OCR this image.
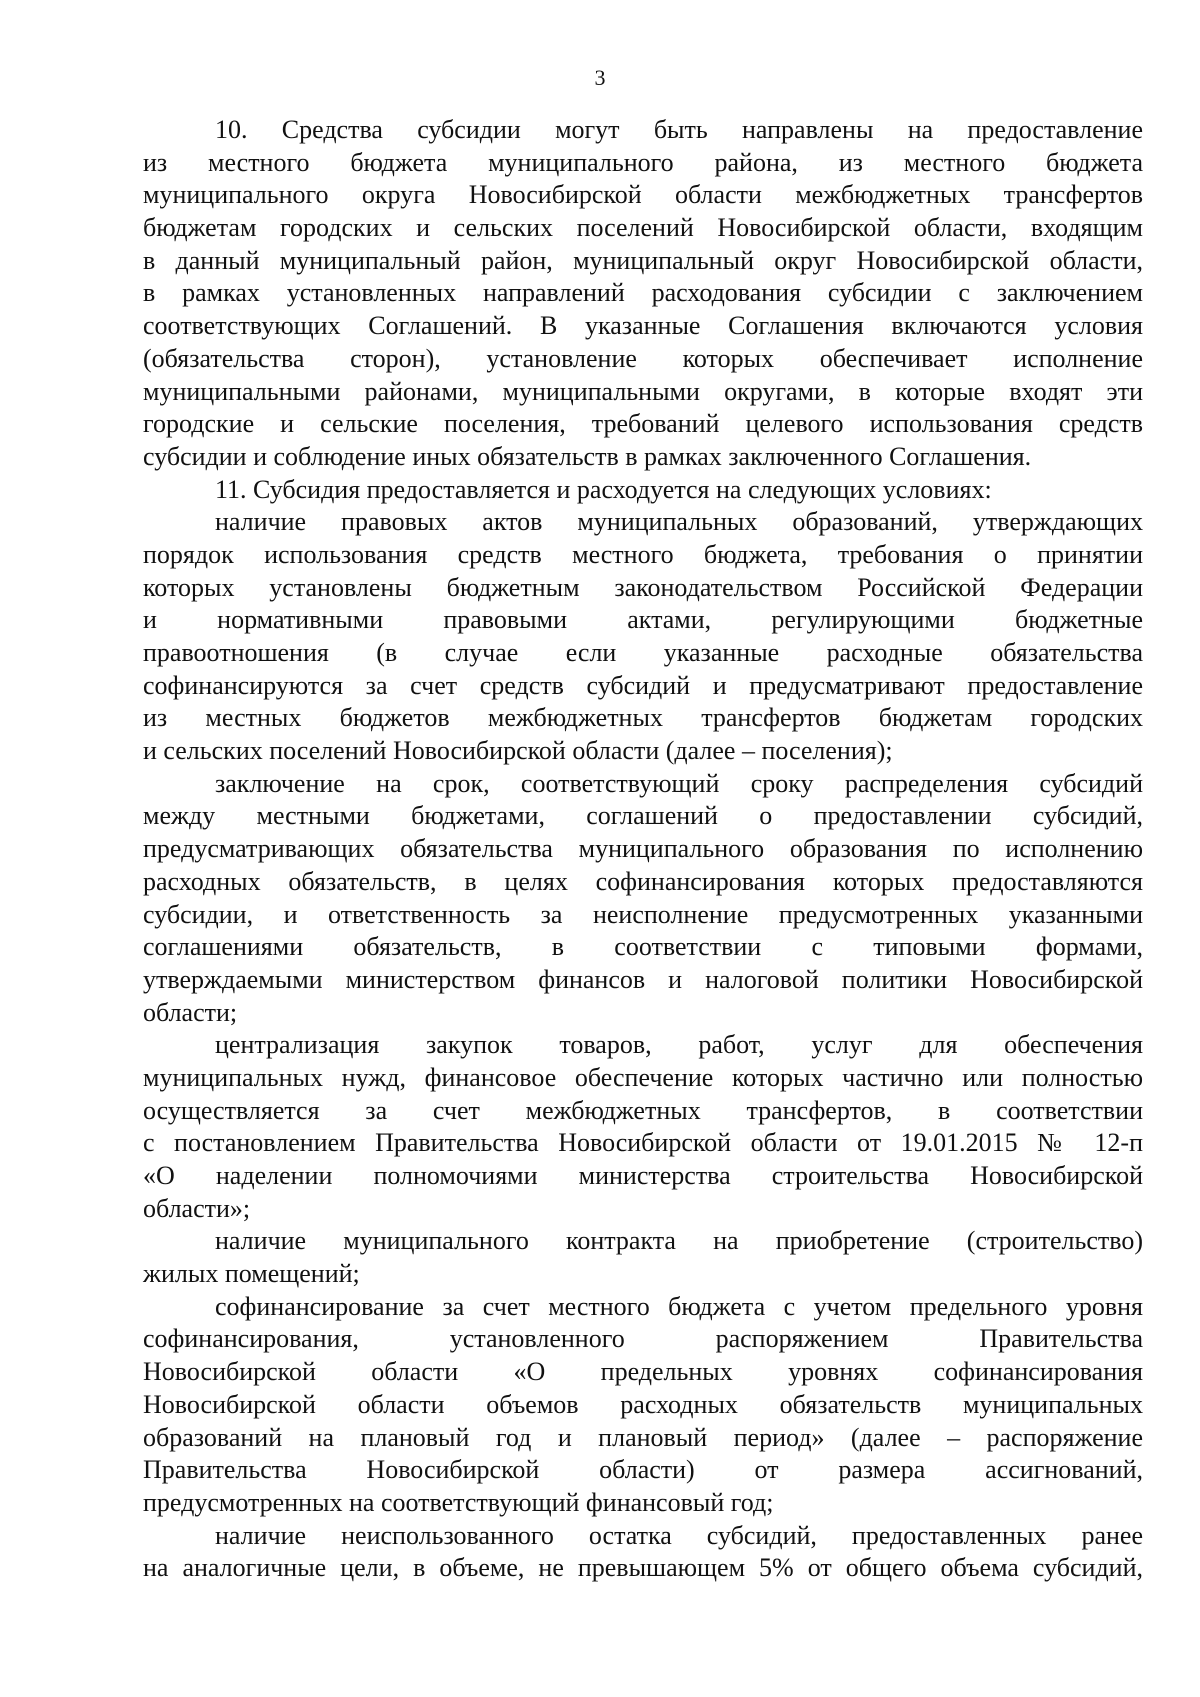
3
10. Средства субсидии могут быть направлены на предоставление
из местного бюджета муниципального района, из местного бюджета
муниципального округа Новосибирской области межбюджетных трансфертов
бюджетам городских и сельских поселений Новосибирской области, входящим
в данный муниципальный район, муниципальный округ Новосибирской области,
в рамках установленных направлений расходования субсидии с заключением
соответствующих Соглашений. В указанные Соглашения включаются условия
(обязательства сторон), установление которых обеспечивает исполнение
муниципальными районами, муниципальными округами, в которые входят эти
городские и сельские поселения, требований целевого использования средств
субсидии и соблюдение иных обязательств в рамках заключенного Соглашения.
11. Субсидия предоставляется и расходуется на следующих условиях:
наличие правовых актов муниципальных образований, утверждающих
порядок использования средств местного бюджета, требования о принятии
которых установлены бюджетным законодательством Российской Федерации
и нормативными правовыми актами, регулирующими бюджетные
правоотношения (в случае если указанные расходные обязательства
софинансируются за счет средств субсидий и предусматривают предоставление
из местных бюджетов межбюджетных трансфертов бюджетам городских
и сельских поселений Новосибирской области (далее – поселения);
заключение на срок, соответствующий сроку распределения субсидий
между местными бюджетами, соглашений о предоставлении субсидий,
предусматривающих обязательства муниципального образования по исполнению
расходных обязательств, в целях софинансирования которых предоставляются
субсидии, и ответственность за неисполнение предусмотренных указанными
соглашениями обязательств, в соответствии с типовыми формами,
утверждаемыми министерством финансов и налоговой политики Новосибирской
области;
централизация закупок товаров, работ, услуг для обеспечения
муниципальных нужд, финансовое обеспечение которых частично или полностью
осуществляется за счет межбюджетных трансфертов, в соответствии
с постановлением Правительства Новосибирской области от 19.01.2015 № 12-п
«О наделении полномочиями министерства строительства Новосибирской
области»;
наличие муниципального контракта на приобретение (строительство)
жилых помещений;
софинансирование за счет местного бюджета с учетом предельного уровня
софинансирования, установленного распоряжением Правительства
Новосибирской области «О предельных уровнях софинансирования
Новосибирской области объемов расходных обязательств муниципальных
образований на плановый год и плановый период» (далее – распоряжение
Правительства Новосибирской области) от размера ассигнований,
предусмотренных на соответствующий финансовый год;
наличие неиспользованного остатка субсидий, предоставленных ранее
на аналогичные цели, в объеме, не превышающем 5% от общего объема субсидий,
